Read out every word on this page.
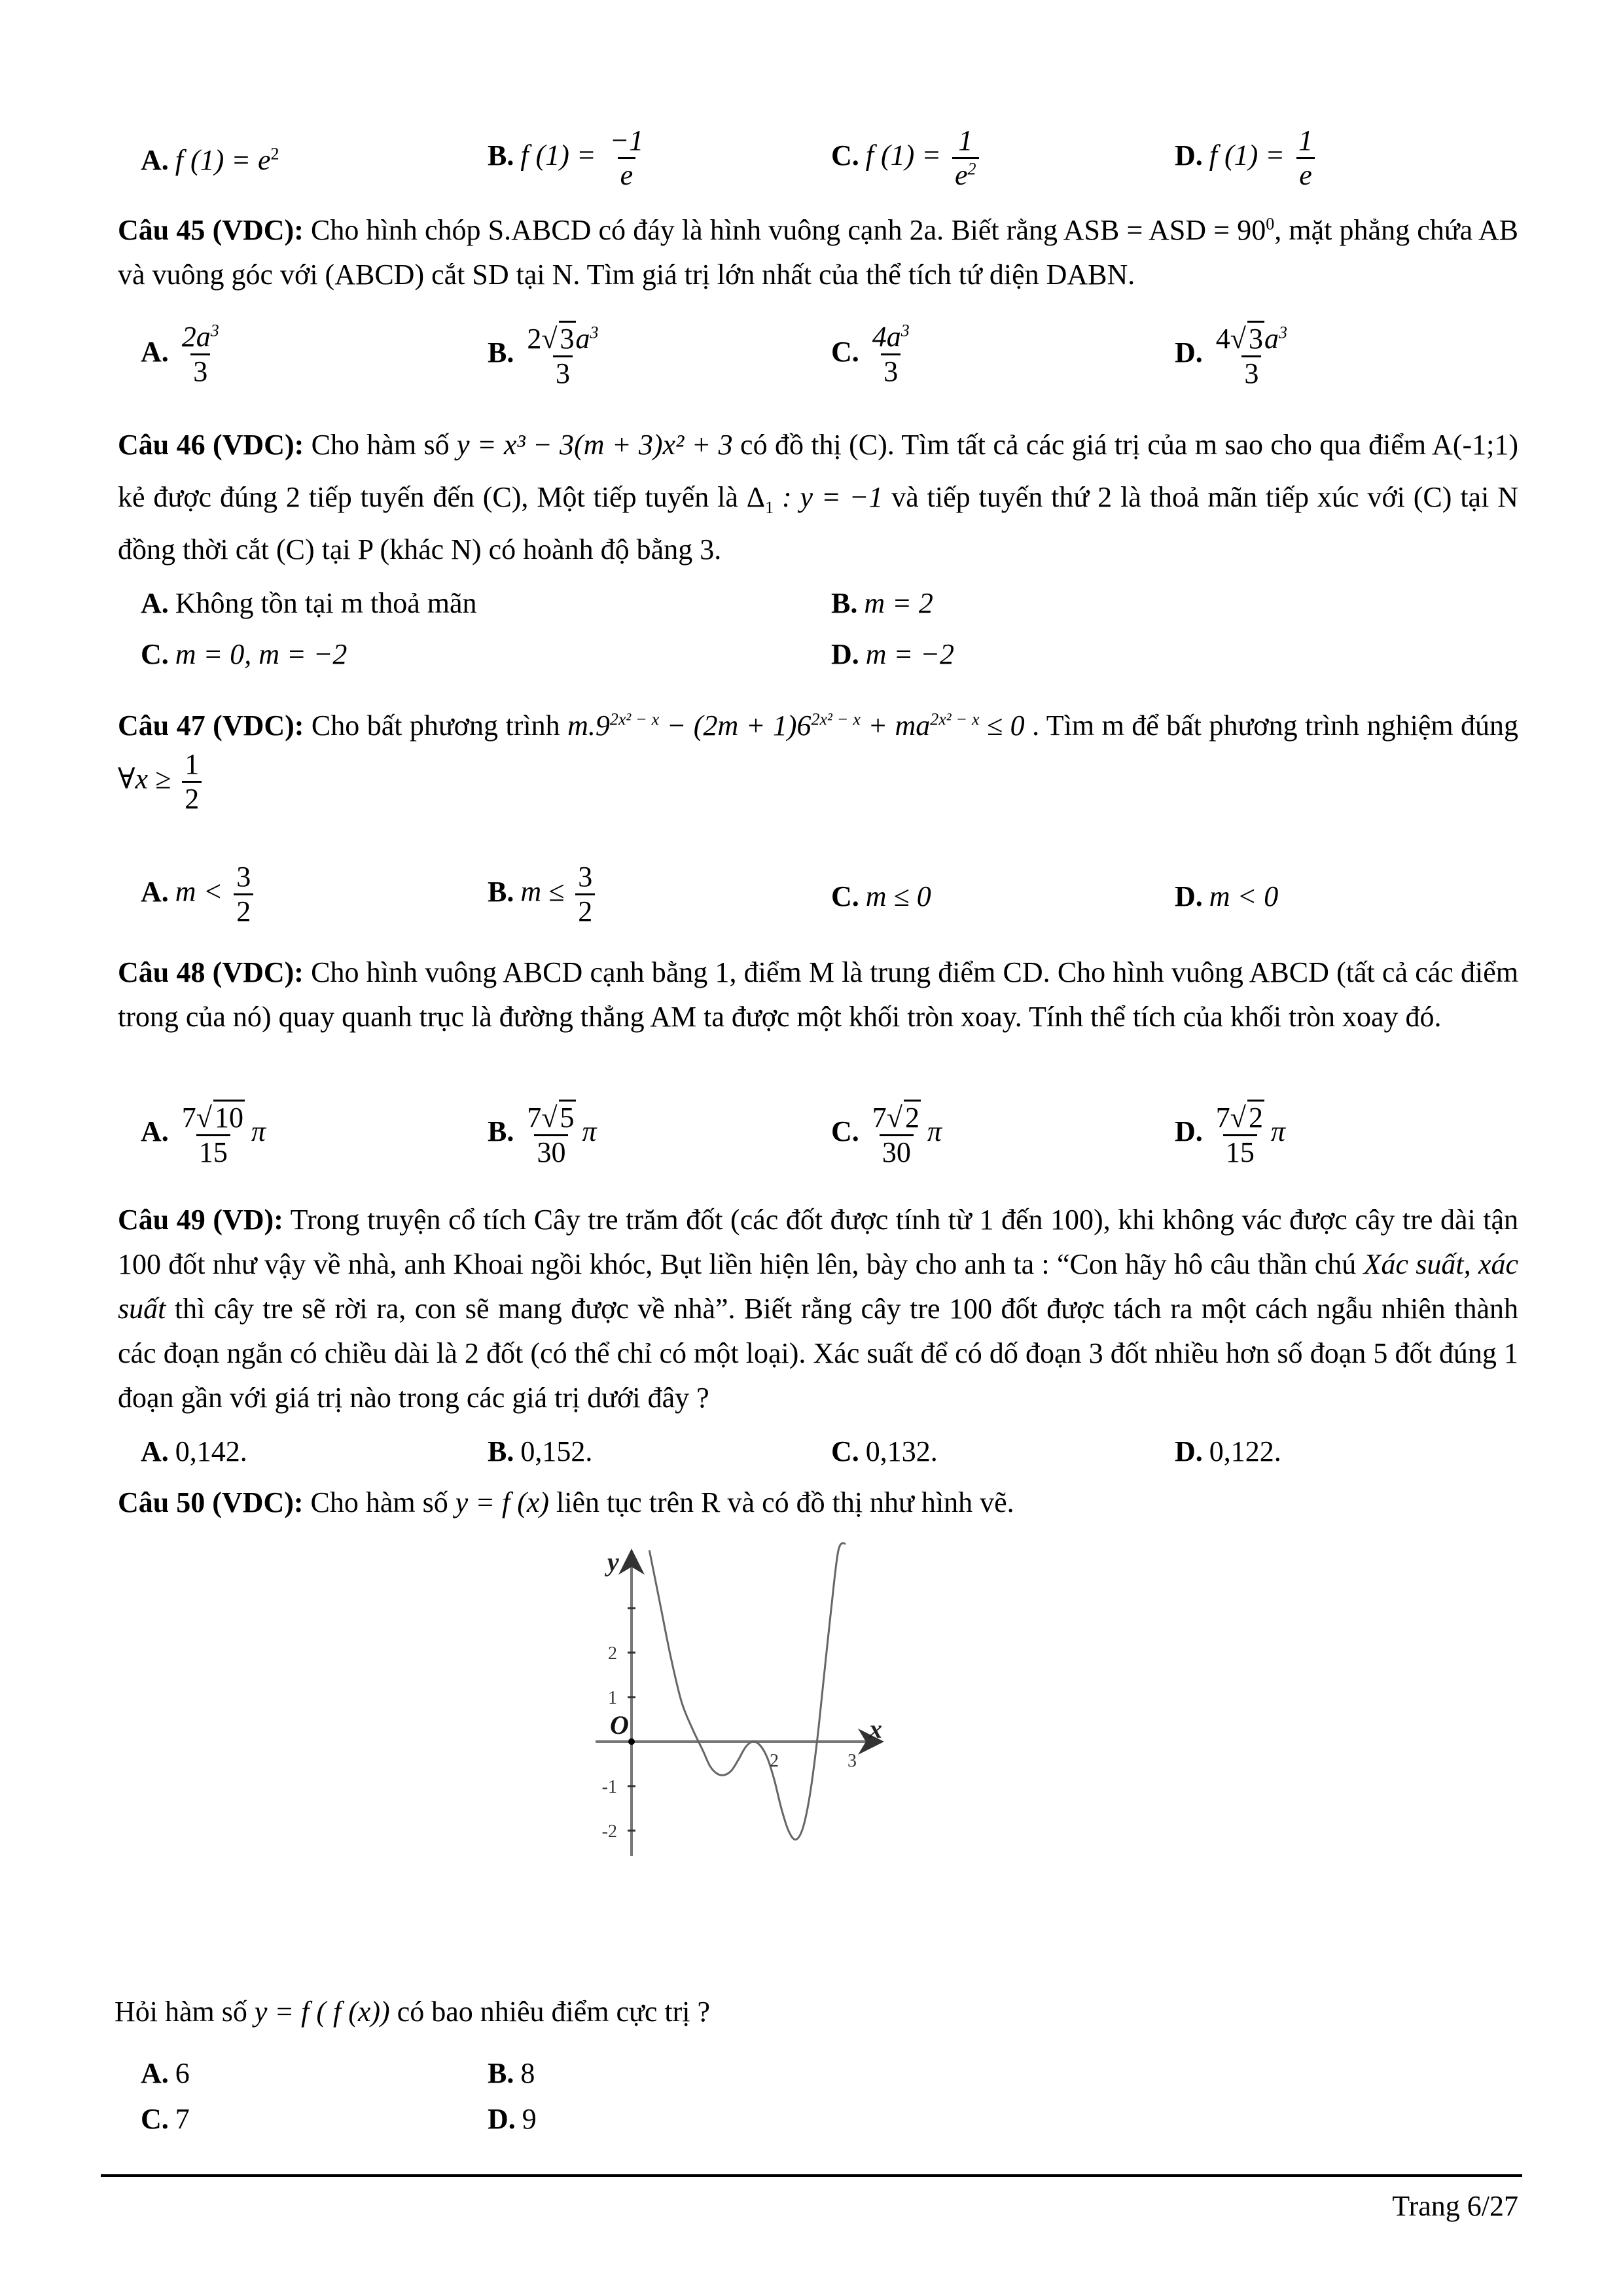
A. f $(1) = e^2$	B. f $(1) = \frac{-1}{e}$	C. f $(1) = \frac{1}{e^2}$	D. f $(1) = \frac{1}{e}$
Câu 45 (VDC): Cho hình chóp S.ABCD có đáy là hình vuông cạnh 2a. Biết rằng ASB = ASD = $90^0$, mặt phẳng chứa AB và vuông góc với (ABCD) cắt SD tại N. Tìm giá trị lớn nhất của thể tích tứ diện DABN.
A. $\frac{2a^3}{3}$	B. $\frac{2√3a^3}{3}$	C. $\frac{4a^3}{3}$	D. $\frac{4√3a^3}{3}$
Câu 46 (VDC): Cho hàm số y = x³ − 3(m + 3)x² + 3 có đồ thị (C). Tìm tất cả các giá trị của m sao cho qua điểm A(-1;1) kẻ được đúng 2 tiếp tuyến đến (C), Một tiếp tuyến là $\Delta_1$ : y = −1 và tiếp tuyến thứ 2 là thoả mãn tiếp xúc với (C) tại N đồng thời cắt (C) tại P (khác N) có hoành độ bằng 3.
A. Không tồn tại m thoả mãn	B. m = 2
C. m = 0, m = −2	D. m = −2
Câu 47 (VDC): Cho bất phương trình $m.9^{2x^2 - x} - (2m + 1)6^{2x^2 - x} + ma^{2x^2 - x} \le 0$ . Tìm m để bất phương trình nghiệm đúng ∀x ≥ $\frac{1}{2}$
A. $m < \frac{3}{2}$	B. $m \le \frac{3}{2}$	C. m ≤ 0	D. m < 0
Câu 48 (VDC): Cho hình vuông ABCD cạnh bằng 1, điểm M là trung điểm CD. Cho hình vuông ABCD (tất cả các điểm trong của nó) quay quanh trục là đường thẳng AM ta được một khối tròn xoay. Tính thể tích của khối tròn xoay đó.
A. $\frac{7√10}{15}$ π	B. $\frac{7√5}{30}$ π	C. $\frac{7√2}{30}$ π	D. $\frac{7√2}{15}$ π
Câu 49 (VD): Trong truyện cổ tích Cây tre trăm đốt (các đốt được tính từ 1 đến 100), khi không vác được cây tre dài tận 100 đốt như vậy về nhà, anh Khoai ngồi khóc, Bụt liền hiện lên, bày cho anh ta : “Con hãy hô câu thần chú Xác suất, xác suất thì cây tre sẽ rời ra, con sẽ mang được về nhà”. Biết rằng cây tre 100 đốt được tách ra một cách ngẫu nhiên thành các đoạn ngắn có chiều dài là 2 đốt (có thể chỉ có một loại). Xác suất để có dố đoạn 3 đốt nhiều hơn số đoạn 5 đốt đúng 1 đoạn gần với giá trị nào trong các giá trị dưới đây ?
A. 0,142.	B. 0,152.	C. 0,132.	D. 0,122.
Câu 50 (VDC): Cho hàm số y = f (x) liên tục trên R và có đồ thị như hình vẽ.
2
1
-1
-2
2	3
x
y
O
Hỏi hàm số y = f ( f (x)) có bao nhiêu điểm cực trị ?
A. 6	B. 8
C. 7	D. 9
Trang 6/27
